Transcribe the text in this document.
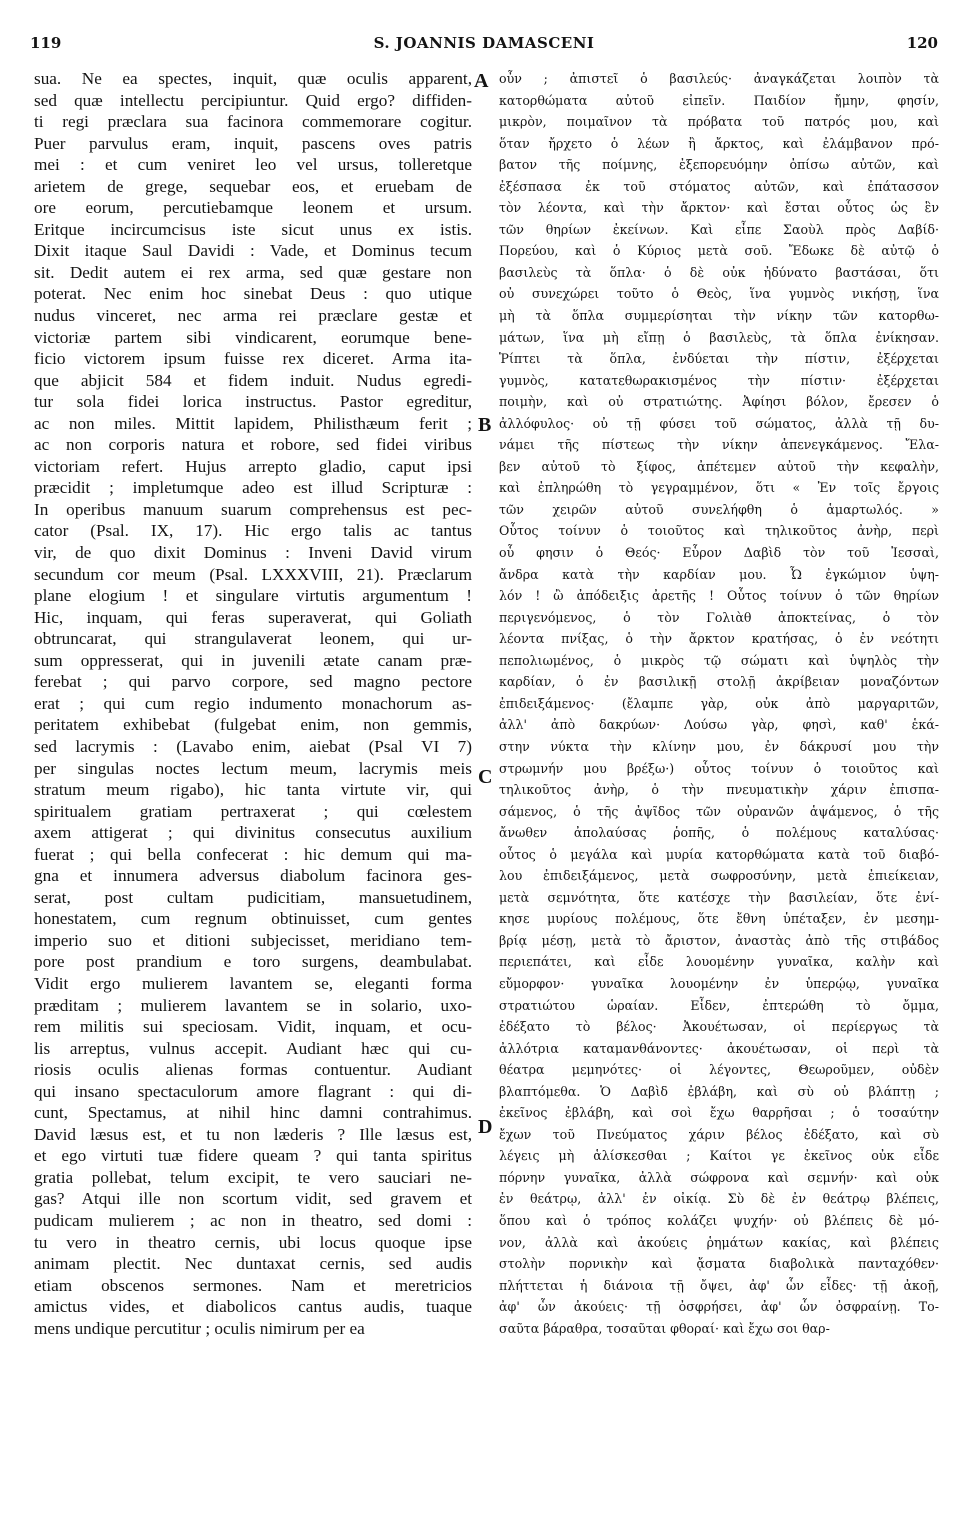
119	S. JOANNIS DAMASCENI	120
sua. Ne ea spectes, inquit, quæ oculis apparent,
sed quæ intellectu percipiuntur. Quid ergo? diffiden-
ti regi præclara sua facinora commemorare cogitur.
Puer parvulus eram, inquit, pascens oves patris
mei : et cum veniret leo vel ursus, tolleretque
arietem de grege, sequebar eos, et eruebam de
ore eorum, percutiebamque leonem et ursum.
Eritque incircumcisus iste sicut unus ex istis.
Dixit itaque Saul Davidi : Vade, et Dominus tecum
sit. Dedit autem ei rex arma, sed quæ gestare non
poterat. Nec enim hoc sinebat Deus : quo utique
nudus vinceret, nec arma rei præclare gestæ et
victoriæ partem sibi vindicarent, eorumque bene-
ficio victorem ipsum fuisse rex diceret. Arma ita-
que abjicit 584 et fidem induit. Nudus egredi-
tur sola fidei lorica instructus. Pastor egreditur,
ac non miles. Mittit lapidem, Philisthæum ferit ;
ac non corporis natura et robore, sed fidei viribus
victoriam refert. Hujus arrepto gladio, caput ipsi
præcidit ; impletumque adeo est illud Scripturæ :
In operibus manuum suarum comprehensus est pec-
cator (Psal. IX, 17). Hic ergo talis ac tantus
vir, de quo dixit Dominus : Inveni David virum
secundum cor meum (Psal. LXXXVIII, 21). Præclarum
plane elogium ! et singulare virtutis argumentum !
Hic, inquam, qui feras superaverat, qui Goliath
obtruncarat, qui strangulaverat leonem, qui ur-
sum oppresserat, qui in juvenili ætate canam præ-
ferebat ; qui parvo corpore, sed magno pectore
erat ; qui cum regio indumento monachorum as-
peritatem exhibebat (fulgebat enim, non gemmis,
sed lacrymis : (Lavabo enim, aiebat (Psal VI 7)
per singulas noctes lectum meum, lacrymis meis
stratum meum rigabo), hic tanta virtute vir, qui
spiritualem gratiam pertraxerat ; qui cœlestem
axem attigerat ; qui divinitus consecutus auxilium
fuerat ; qui bella confecerat : hic demum qui ma-
gna et innumera adversus diabolum facinora ges-
serat, post cultam pudicitiam, mansuetudinem,
honestatem, cum regnum obtinuisset, cum gentes
imperio suo et ditioni subjecisset, meridiano tem-
pore post prandium e toro surgens, deambulabat.
Vidit ergo mulierem lavantem se, eleganti forma
præditam ; mulierem lavantem se in solario, uxo-
rem militis sui speciosam. Vidit, inquam, et ocu-
lis arreptus, vulnus accepit. Audiant hæc qui cu-
riosis oculis alienas formas contuentur. Audiant
qui insano spectaculorum amore flagrant : qui di-
cunt, Spectamus, at nihil hinc damni contrahimus.
David læsus est, et tu non læderis ? Ille læsus est,
et ego virtuti tuæ fidere queam ? qui tanta spiritus
gratia pollebat, telum excipit, te vero sauciari ne-
gas? Atqui ille non scortum vidit, sed gravem et
pudicam mulierem ; ac non in theatro, sed domi :
tu vero in theatro cernis, ubi locus quoque ipse
animam plectit. Nec duntaxat cernis, sed audis
etiam obscenos sermones. Nam et meretricios
amictus vides, et diabolicos cantus audis, tuaque
mens undique percutitur ; oculis nimirum per ea
οὖν ; ἀπιστεῖ ὁ βασιλεύς· ἀναγκάζεται λοιπὸν τὰ
κατορθώματα αὐτοῦ εἰπεῖν. Παιδίον ἤμην, φησίν,
μικρὸν, ποιμαῖνον τὰ πρόβατα τοῦ πατρός μου, καὶ
ὅταν ἤρχετο ὁ λέων ἢ ἄρκτος, καὶ ἐλάμβανον πρό-
βατον τῆς ποίμνης, ἐξεπορευόμην ὀπίσω αὐτῶν, καὶ
ἐξέσπασα ἐκ τοῦ στόματος αὐτῶν, καὶ ἐπάτασσον
τὸν λέοντα, καὶ τὴν ἄρκτον· καὶ ἔσται οὗτος ὡς ἓν
τῶν θηρίων ἐκείνων. Καὶ εἶπε Σαοὺλ πρὸς Δαβίδ·
Πορεύου, καὶ ὁ Κύριος μετὰ σοῦ. Ἔδωκε δὲ αὐτῷ ὁ
βασιλεὺς τὰ ὅπλα· ὁ δὲ οὐκ ἠδύνατο βαστάσαι, ὅτι
οὐ συνεχώρει τοῦτο ὁ Θεὸς, ἵνα γυμνὸς νικήσῃ, ἵνα
μὴ τὰ ὅπλα συμμερίσηται τὴν νίκην τῶν κατορθω-
μάτων, ἵνα μὴ εἴπῃ ὁ βασιλεὺς, τὰ ὅπλα ἐνίκησαν.
Ῥίπτει τὰ ὅπλα, ἐνδύεται τὴν πίστιν, ἐξέρχεται
γυμνὸς, κατατεθωρακισμένος τὴν πίστιν· ἐξέρχεται
ποιμὴν, καὶ οὐ στρατιώτης. Ἀφίησι βόλον, ἔρεσεν ὁ
ἀλλόφυλος· οὐ τῇ φύσει τοῦ σώματος, ἀλλὰ τῇ δυ-
νάμει τῆς πίστεως τὴν νίκην ἀπενεγκάμενος. Ἔλα-
βεν αὐτοῦ τὸ ξίφος, ἀπέτεμεν αὐτοῦ τὴν κεφαλὴν,
καὶ ἐπληρώθη τὸ γεγραμμένον, ὅτι « Ἐν τοῖς ἔργοις
τῶν χειρῶν αὐτοῦ συνελήφθη ὁ ἁμαρτωλός. »
Οὗτος τοίνυν ὁ τοιοῦτος καὶ τηλικοῦτος ἀνὴρ, περὶ
οὗ φησιν ὁ Θεός· Εὗρον Δαβὶδ τὸν τοῦ Ἰεσσαὶ,
ἄνδρα κατὰ τὴν καρδίαν μου. Ὦ ἐγκώμιον ὑψη-
λόν ! ὢ ἀπόδειξις ἀρετῆς ! Οὗτος τοίνυν ὁ τῶν θηρίων
περιγενόμενος, ὁ τὸν Γολιὰθ ἀποκτείνας, ὁ τὸν
λέοντα πνίξας, ὁ τὴν ἄρκτον κρατήσας, ὁ ἐν νεότητι
πεπολιωμένος, ὁ μικρὸς τῷ σώματι καὶ ὑψηλὸς τὴν
καρδίαν, ὁ ἐν βασιλικῇ στολῇ ἀκρίβειαν μοναζόντων
ἐπιδειξάμενος· (ἔλαμπε γὰρ, οὐκ ἀπὸ μαργαριτῶν,
ἀλλ' ἀπὸ δακρύων· Λούσω γὰρ, φησὶ, καθ' ἑκά-
στην νύκτα τὴν κλίνην μου, ἐν δάκρυσί μου τὴν
στρωμνήν μου βρέξω·) οὗτος τοίνυν ὁ τοιοῦτος καὶ
τηλικοῦτος ἀνὴρ, ὁ τὴν πνευματικὴν χάριν ἐπισπα-
σάμενος, ὁ τῆς ἀψῖδος τῶν οὐρανῶν ἁψάμενος, ὁ τῆς
ἄνωθεν ἀπολαύσας ῥοπῆς, ὁ πολέμους καταλύσας·
οὗτος ὁ μεγάλα καὶ μυρία κατορθώματα κατὰ τοῦ διαβό-
λου ἐπιδειξάμενος, μετὰ σωφροσύνην, μετὰ ἐπιείκειαν,
μετὰ σεμνότητα, ὅτε κατέσχε τὴν βασιλείαν, ὅτε ἐνί-
κησε μυρίους πολέμους, ὅτε ἔθνη ὑπέταξεν, ἐν μεσημ-
βρίᾳ μέσῃ, μετὰ τὸ ἄριστον, ἀναστὰς ἀπὸ τῆς στιβάδος
περιεπάτει, καὶ εἶδε λουομένην γυναῖκα, καλὴν καὶ
εὔμορφον· γυναῖκα λουομένην ἐν ὑπερῴῳ, γυναῖκα
στρατιώτου ὡραίαν. Εἶδεν, ἐπτερώθη τὸ ὄμμα,
ἐδέξατο τὸ βέλος· Ἀκουέτωσαν, οἱ περίεργως τὰ
ἀλλότρια καταμανθάνοντες· ἀκουέτωσαν, οἱ περὶ τὰ
θέατρα μεμηνότες· οἱ λέγοντες, Θεωροῦμεν, οὐδὲν
βλαπτόμεθα. Ὁ Δαβὶδ ἐβλάβη, καὶ σὺ οὐ βλάπτῃ ;
ἐκεῖνος ἐβλάβη, καὶ σοὶ ἔχω θαρρῆσαι ; ὁ τοσαύτην
ἔχων τοῦ Πνεύματος χάριν βέλος ἐδέξατο, καὶ σὺ
λέγεις μὴ ἁλίσκεσθαι ; Καίτοι γε ἐκεῖνος οὐκ εἶδε
πόρνην γυναῖκα, ἀλλὰ σώφρονα καὶ σεμνήν· καὶ οὐκ
ἐν θεάτρῳ, ἀλλ' ἐν οἰκίᾳ. Σὺ δὲ ἐν θεάτρῳ βλέπεις,
ὅπου καὶ ὁ τρόπος κολάζει ψυχήν· οὐ βλέπεις δὲ μό-
νον, ἀλλὰ καὶ ἀκούεις ῥημάτων κακίας, καὶ βλέπεις
στολὴν πορνικὴν καὶ ᾄσματα διαβολικὰ πανταχόθεν·
πλήττεται ἡ διάνοια τῇ ὄψει, ἀφ' ὧν εἶδες· τῇ ἀκοῇ,
ἀφ' ὧν ἀκούεις· τῇ ὀσφρήσει, ἀφ' ὧν ὀσφραίνῃ. Το-
σαῦτα βάραθρα, τοσαῦται φθοραί· καὶ ἔχω σοι θαρ-
A
B
C
D
